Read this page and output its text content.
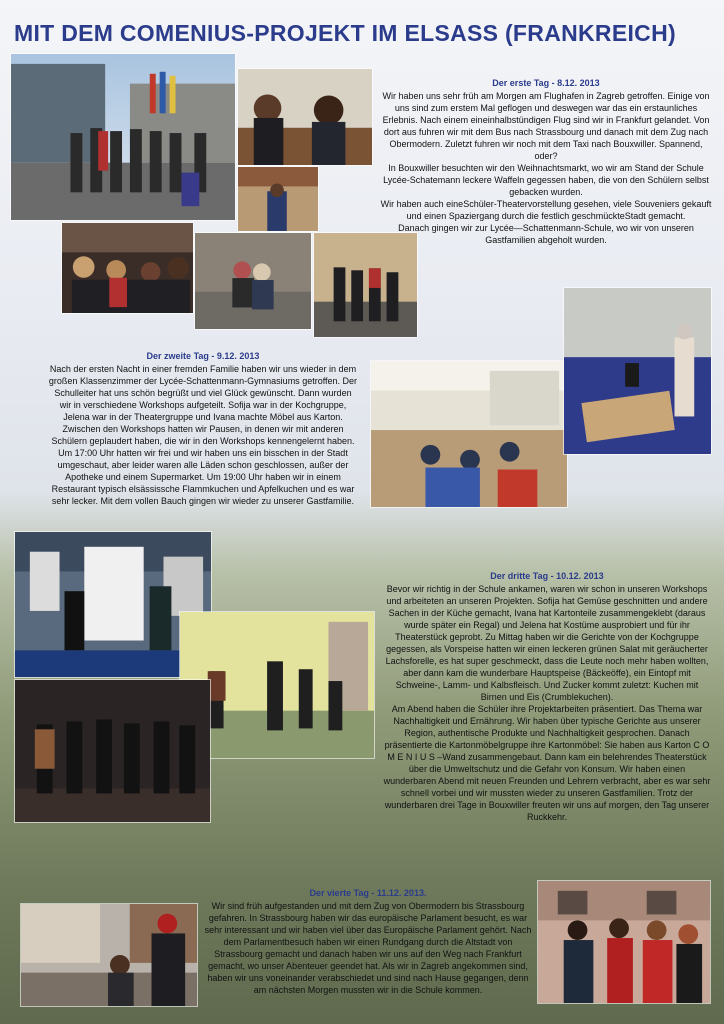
MIT DEM COMENIUS-PROJEKT IM ELSASS (FRANKREICH)
Der erste Tag - 8.12. 2013

Wir haben uns sehr früh am Morgen am Flughafen in Zagreb getroffen. Einige von uns sind zum erstem Mal geflogen und deswegen war das ein erstaunliches Erlebnis. Nach einem eineinhalbstündigen Flug sind wir in Frankfurt gelandet. Von dort aus fuhren wir mit dem Bus nach Strassbourg und danach mit dem Zug nach Obermodern. Zuletzt fuhren wir noch mit dem Taxi nach Bouxwiller. Spannend, oder?

In Bouxwiller besuchten wir den Weihnachtsmarkt, wo wir am Stand der Schule Lycée-Schatemann leckere Waffeln gegessen haben, die von den Schülern selbst gebacken wurden.

Wir haben auch eineSchüler-Theatervorstellung gesehen, viele Souveniers gekauft und einen Spaziergang durch die festlich geschmückteStadt gemacht.

Danach gingen wir zur Lycée—Schattenmann-Schule, wo wir von unseren Gastfamilien abgeholt wurden.

Der zweite Tag - 9.12. 2013

Nach der ersten Nacht in einer fremden Familie haben wir uns wieder in dem großen Klassenzimmer der Lycée-Schattenmann-Gymnasiums getroffen. Der Schulleiter hat uns schön begrüßt und viel Glück gewünscht. Dann wurden wir in verschiedene Workshops aufgeteilt. Sofija war in der Kochgruppe, Jelena war in der Theatergruppe und Ivana machte Möbel aus Karton.

Zwischen den Workshops hatten wir Pausen, in denen wir mit anderen Schülern geplaudert haben, die wir in den Workshops kennengelernt haben. Um 17:00 Uhr hatten wir frei und wir haben uns ein bisschen in der Stadt umgeschaut, aber leider waren alle Läden schon geschlossen, außer der Apotheke und einem Supermarket. Um 19:00 Uhr haben wir in einem Restaurant typisch elsässissche Flammkuchen und Apfelkuchen und es war sehr lecker. Mit dem vollen Bauch gingen wir wieder zu unserer Gastfamilie.

Der dritte Tag - 10.12. 2013

Bevor wir richtig in der Schule ankamen, waren wir schon in unseren Workshops und arbeiteten an unseren Projekten. Sofija hat Gemüse geschnitten und andere Sachen in der Küche gemacht, Ivana hat Kartonteile zusammengeklebt (daraus wurde später ein Regal) und Jelena hat Kostüme ausprobiert und für ihr Theaterstück geprobt. Zu Mittag haben wir die Gerichte von der Kochgruppe gegessen, als Vorspeise hatten wir einen leckeren grünen Salat mit geräucherter Lachsforelle, es hat super geschmeckt, dass die Leute noch mehr haben wollten, aber dann kam die wunderbare Hauptspeise (Bäckeöffe), ein Eintopf mit Schweine-, Lamm- und Kalbsfleisch. Und Zucker kommt zuletzt: Kuchen mit Birnen und Eis (Crumblekuchen).

Am Abend haben die Schüler ihre Projektarbeiten präsentiert. Das Thema war Nachhaltigkeit und Ernährung. Wir haben über typische Gerichte aus unserer Region, authentische Produkte und Nachhaltigkeit gesprochen. Danach präsentierte die Kartonmöbelgruppe ihre Kartonmöbel: Sie haben aus Karton C O M E N I U S –Wand zusammengebaut. Dann kam ein belehrendes Theaterstück über die Umweltschutz und die Gefahr von Konsum. Wir haben einen wunderbaren Abend mit neuen Freunden und Lehrern verbracht, aber es war sehr schnell vorbei und wir mussten wieder zu unseren Gastfamilien. Trotz der wunderbaren drei Tage in Bouxwiller freuten wir uns auf morgen, den Tag unserer Ruckkehr.

Der vierte Tag - 11.12. 2013.

Wir sind früh aufgestanden und mit dem Zug von Obermodern bis Strassbourg gefahren. In Strassbourg haben wir das europäische Parlament besucht, es war sehr interessant und wir haben viel über das Europäische Parlament gehört. Nach dem Parlamentbesuch haben wir einen Rundgang durch die Altstadt von Strassbourg gemacht und danach haben wir uns auf den Weg nach Frankfurt gemacht, wo unser Abenteuer geendet hat. Als wir in Zagreb angekommen sind, haben wir uns voneinander verabschiedet und sind nach Hause gegangen, denn am nächsten Morgen mussten wir in die Schule kommen.
